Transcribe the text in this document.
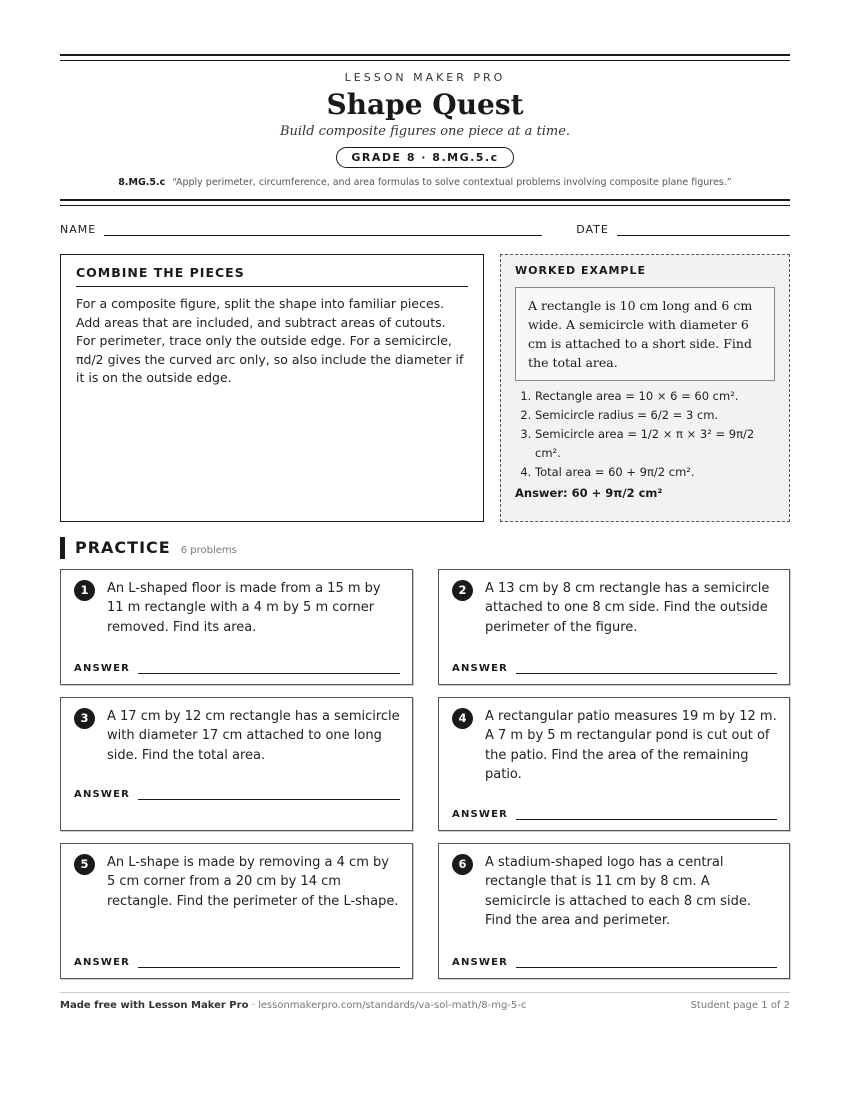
LESSON MAKER PRO
Shape Quest
Build composite figures one piece at a time.
GRADE 8 · 8.MG.5.c
8.MG.5.c “Apply perimeter, circumference, and area formulas to solve contextual problems involving composite plane figures.”
NAME	DATE
COMBINE THE PIECES

For a composite figure, split the shape into familiar pieces. Add areas that are included, and subtract areas of cutouts. For perimeter, trace only the outside edge. For a semicircle, πd/2 gives the curved arc only, so also include the diameter if it is on the outside edge.

WORKED EXAMPLE
A rectangle is 10 cm long and 6 cm wide. A semicircle with diameter 6 cm is attached to a short side. Find the total area.
1. Rectangle area = 10 × 6 = 60 cm².
2. Semicircle radius = 6/2 = 3 cm.
3. Semicircle area = 1/2 × π × 3² = 9π/2 cm².
4. Total area = 60 + 9π/2 cm².
Answer: 60 + 9π/2 cm²
PRACTICE 6 problems
1	An L-shaped floor is made from a 15 m by 11 m rectangle with a 4 m by 5 m corner removed. Find its area.
ANSWER
2	A 13 cm by 8 cm rectangle has a semicircle attached to one 8 cm side. Find the outside perimeter of the figure.
ANSWER
3	A 17 cm by 12 cm rectangle has a semicircle with diameter 17 cm attached to one long side. Find the total area.
ANSWER
4	A rectangular patio measures 19 m by 12 m. A 7 m by 5 m rectangular pond is cut out of the patio. Find the area of the remaining patio.
ANSWER
5	An L-shape is made by removing a 4 cm by 5 cm corner from a 20 cm by 14 cm rectangle. Find the perimeter of the L-shape.
ANSWER
6	A stadium-shaped logo has a central rectangle that is 11 cm by 8 cm. A semicircle is attached to each 8 cm side. Find the area and perimeter.
ANSWER
Made free with Lesson Maker Pro · lessonmakerpro.com/standards/va-sol-math/8-mg-5-c	Student page 1 of 2
